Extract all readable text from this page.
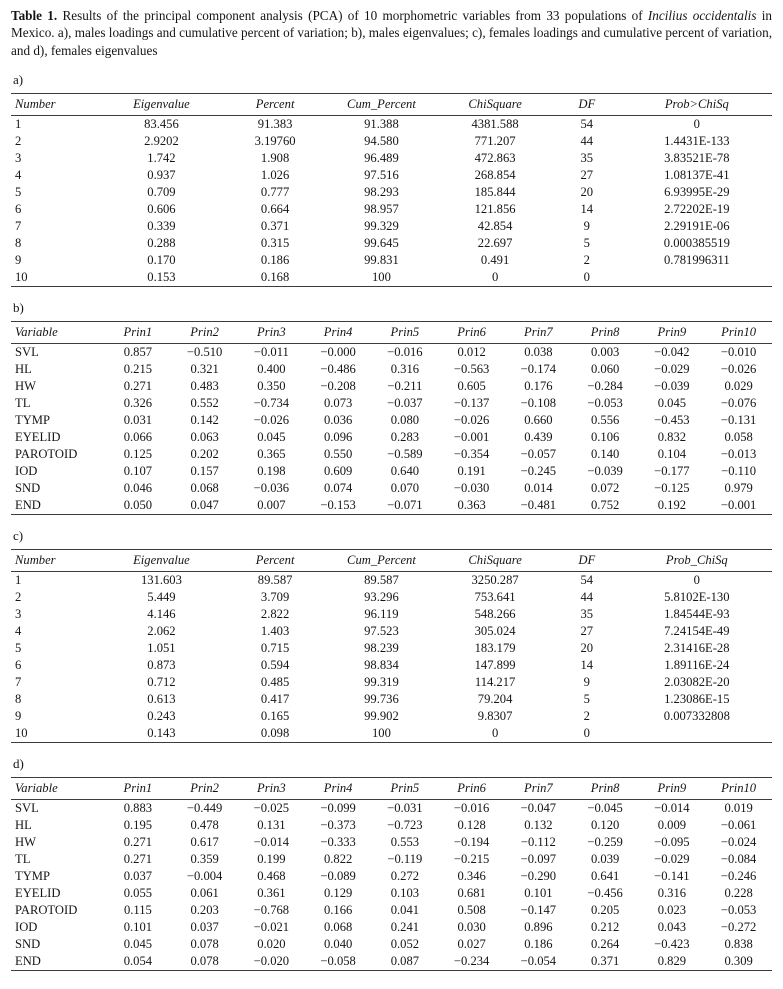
Table 1. Results of the principal component analysis (PCA) of 10 morphometric variables from 33 populations of Incilius occidentalis in Mexico. a), males loadings and cumulative percent of variation; b), males eigenvalues; c), females loadings and cumulative percent of variation, and d), females eigenvalues

a)
Number	Eigenvalue	Percent	Cum_Percent	ChiSquare	DF	Prob>ChiSq
1	83.456	91.383	91.388	4381.588	54	0
2	2.9202	3.19760	94.580	771.207	44	1.4431E-133
3	1.742	1.908	96.489	472.863	35	3.83521E-78
4	0.937	1.026	97.516	268.854	27	1.08137E-41
5	0.709	0.777	98.293	185.844	20	6.93995E-29
6	0.606	0.664	98.957	121.856	14	2.72202E-19
7	0.339	0.371	99.329	42.854	9	2.29191E-06
8	0.288	0.315	99.645	22.697	5	0.000385519
9	0.170	0.186	99.831	0.491	2	0.781996311
10	0.153	0.168	100	0	0	
b)
Variable	Prin1	Prin2	Prin3	Prin4	Prin5	Prin6	Prin7	Prin8	Prin9	Prin10
SVL	0.857	−0.510	−0.011	−0.000	−0.016	0.012	0.038	0.003	−0.042	−0.010
HL	0.215	0.321	0.400	−0.486	0.316	−0.563	−0.174	0.060	−0.029	−0.026
HW	0.271	0.483	0.350	−0.208	−0.211	0.605	0.176	−0.284	−0.039	0.029
TL	0.326	0.552	−0.734	0.073	−0.037	−0.137	−0.108	−0.053	0.045	−0.076
TYMP	0.031	0.142	−0.026	0.036	0.080	−0.026	0.660	0.556	−0.453	−0.131
EYELID	0.066	0.063	0.045	0.096	0.283	−0.001	0.439	0.106	0.832	0.058
PAROTOID	0.125	0.202	0.365	0.550	−0.589	−0.354	−0.057	0.140	0.104	−0.013
IOD	0.107	0.157	0.198	0.609	0.640	0.191	−0.245	−0.039	−0.177	−0.110
SND	0.046	0.068	−0.036	0.074	0.070	−0.030	0.014	0.072	−0.125	0.979
END	0.050	0.047	0.007	−0.153	−0.071	0.363	−0.481	0.752	0.192	−0.001
c)
Number	Eigenvalue	Percent	Cum_Percent	ChiSquare	DF	Prob_ChiSq
1	131.603	89.587	89.587	3250.287	54	0
2	5.449	3.709	93.296	753.641	44	5.8102E-130
3	4.146	2.822	96.119	548.266	35	1.84544E-93
4	2.062	1.403	97.523	305.024	27	7.24154E-49
5	1.051	0.715	98.239	183.179	20	2.31416E-28
6	0.873	0.594	98.834	147.899	14	1.89116E-24
7	0.712	0.485	99.319	114.217	9	2.03082E-20
8	0.613	0.417	99.736	79.204	5	1.23086E-15
9	0.243	0.165	99.902	9.8307	2	0.007332808
10	0.143	0.098	100	0	0	
d)
Variable	Prin1	Prin2	Prin3	Prin4	Prin5	Prin6	Prin7	Prin8	Prin9	Prin10
SVL	0.883	−0.449	−0.025	−0.099	−0.031	−0.016	−0.047	−0.045	−0.014	0.019
HL	0.195	0.478	0.131	−0.373	−0.723	0.128	0.132	0.120	0.009	−0.061
HW	0.271	0.617	−0.014	−0.333	0.553	−0.194	−0.112	−0.259	−0.095	−0.024
TL	0.271	0.359	0.199	0.822	−0.119	−0.215	−0.097	0.039	−0.029	−0.084
TYMP	0.037	−0.004	0.468	−0.089	0.272	0.346	−0.290	0.641	−0.141	−0.246
EYELID	0.055	0.061	0.361	0.129	0.103	0.681	0.101	−0.456	0.316	0.228
PAROTOID	0.115	0.203	−0.768	0.166	0.041	0.508	−0.147	0.205	0.023	−0.053
IOD	0.101	0.037	−0.021	0.068	0.241	0.030	0.896	0.212	0.043	−0.272
SND	0.045	0.078	0.020	0.040	0.052	0.027	0.186	0.264	−0.423	0.838
END	0.054	0.078	−0.020	−0.058	0.087	−0.234	−0.054	0.371	0.829	0.309
